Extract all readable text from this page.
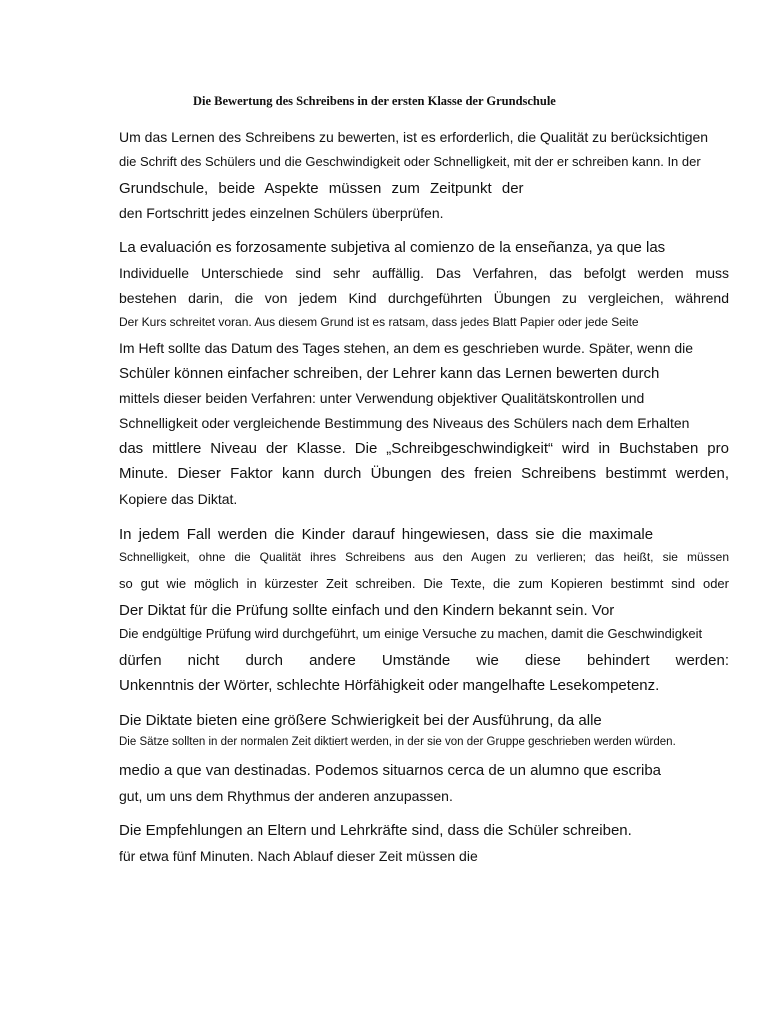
Die Bewertung des Schreibens in der ersten Klasse der Grundschule
Um das Lernen des Schreibens zu bewerten, ist es erforderlich, die Qualität zu berücksichtigen
die Schrift des Schülers und die Geschwindigkeit oder Schnelligkeit, mit der er schreiben kann. In der
Grundschule, beide Aspekte müssen zum Zeitpunkt der
den Fortschritt jedes einzelnen Schülers überprüfen.
La evaluación es forzosamente subjetiva al comienzo de la enseñanza, ya que las
Individuelle Unterschiede sind sehr auffällig. Das Verfahren, das befolgt werden muss
bestehen darin, die von jedem Kind durchgeführten Übungen zu vergleichen, während
Der Kurs schreitet voran. Aus diesem Grund ist es ratsam, dass jedes Blatt Papier oder jede Seite
Im Heft sollte das Datum des Tages stehen, an dem es geschrieben wurde. Später, wenn die
Schüler können einfacher schreiben, der Lehrer kann das Lernen bewerten durch
mittels dieser beiden Verfahren: unter Verwendung objektiver Qualitätskontrollen und
Schnelligkeit oder vergleichende Bestimmung des Niveaus des Schülers nach dem Erhalten
das mittlere Niveau der Klasse. Die „Schreibgeschwindigkeit“ wird in Buchstaben pro
Minute. Dieser Faktor kann durch Übungen des freien Schreibens bestimmt werden,
Kopiere das Diktat.
In jedem Fall werden die Kinder darauf hingewiesen, dass sie die maximale
Schnelligkeit, ohne die Qualität ihres Schreibens aus den Augen zu verlieren; das heißt, sie müssen
so gut wie möglich in kürzester Zeit schreiben. Die Texte, die zum Kopieren bestimmt sind oder
Der Diktat für die Prüfung sollte einfach und den Kindern bekannt sein. Vor
Die endgültige Prüfung wird durchgeführt, um einige Versuche zu machen, damit die Geschwindigkeit
dürfen nicht durch andere Umstände wie diese behindert werden:
Unkenntnis der Wörter, schlechte Hörfähigkeit oder mangelhafte Lesekompetenz.
Die Diktate bieten eine größere Schwierigkeit bei der Ausführung, da alle
Die Sätze sollten in der normalen Zeit diktiert werden, in der sie von der Gruppe geschrieben werden würden.
medio a que van destinadas. Podemos situarnos cerca de un alumno que escriba
gut, um uns dem Rhythmus der anderen anzupassen.
Die Empfehlungen an Eltern und Lehrkräfte sind, dass die Schüler schreiben.
für etwa fünf Minuten. Nach Ablauf dieser Zeit müssen die
